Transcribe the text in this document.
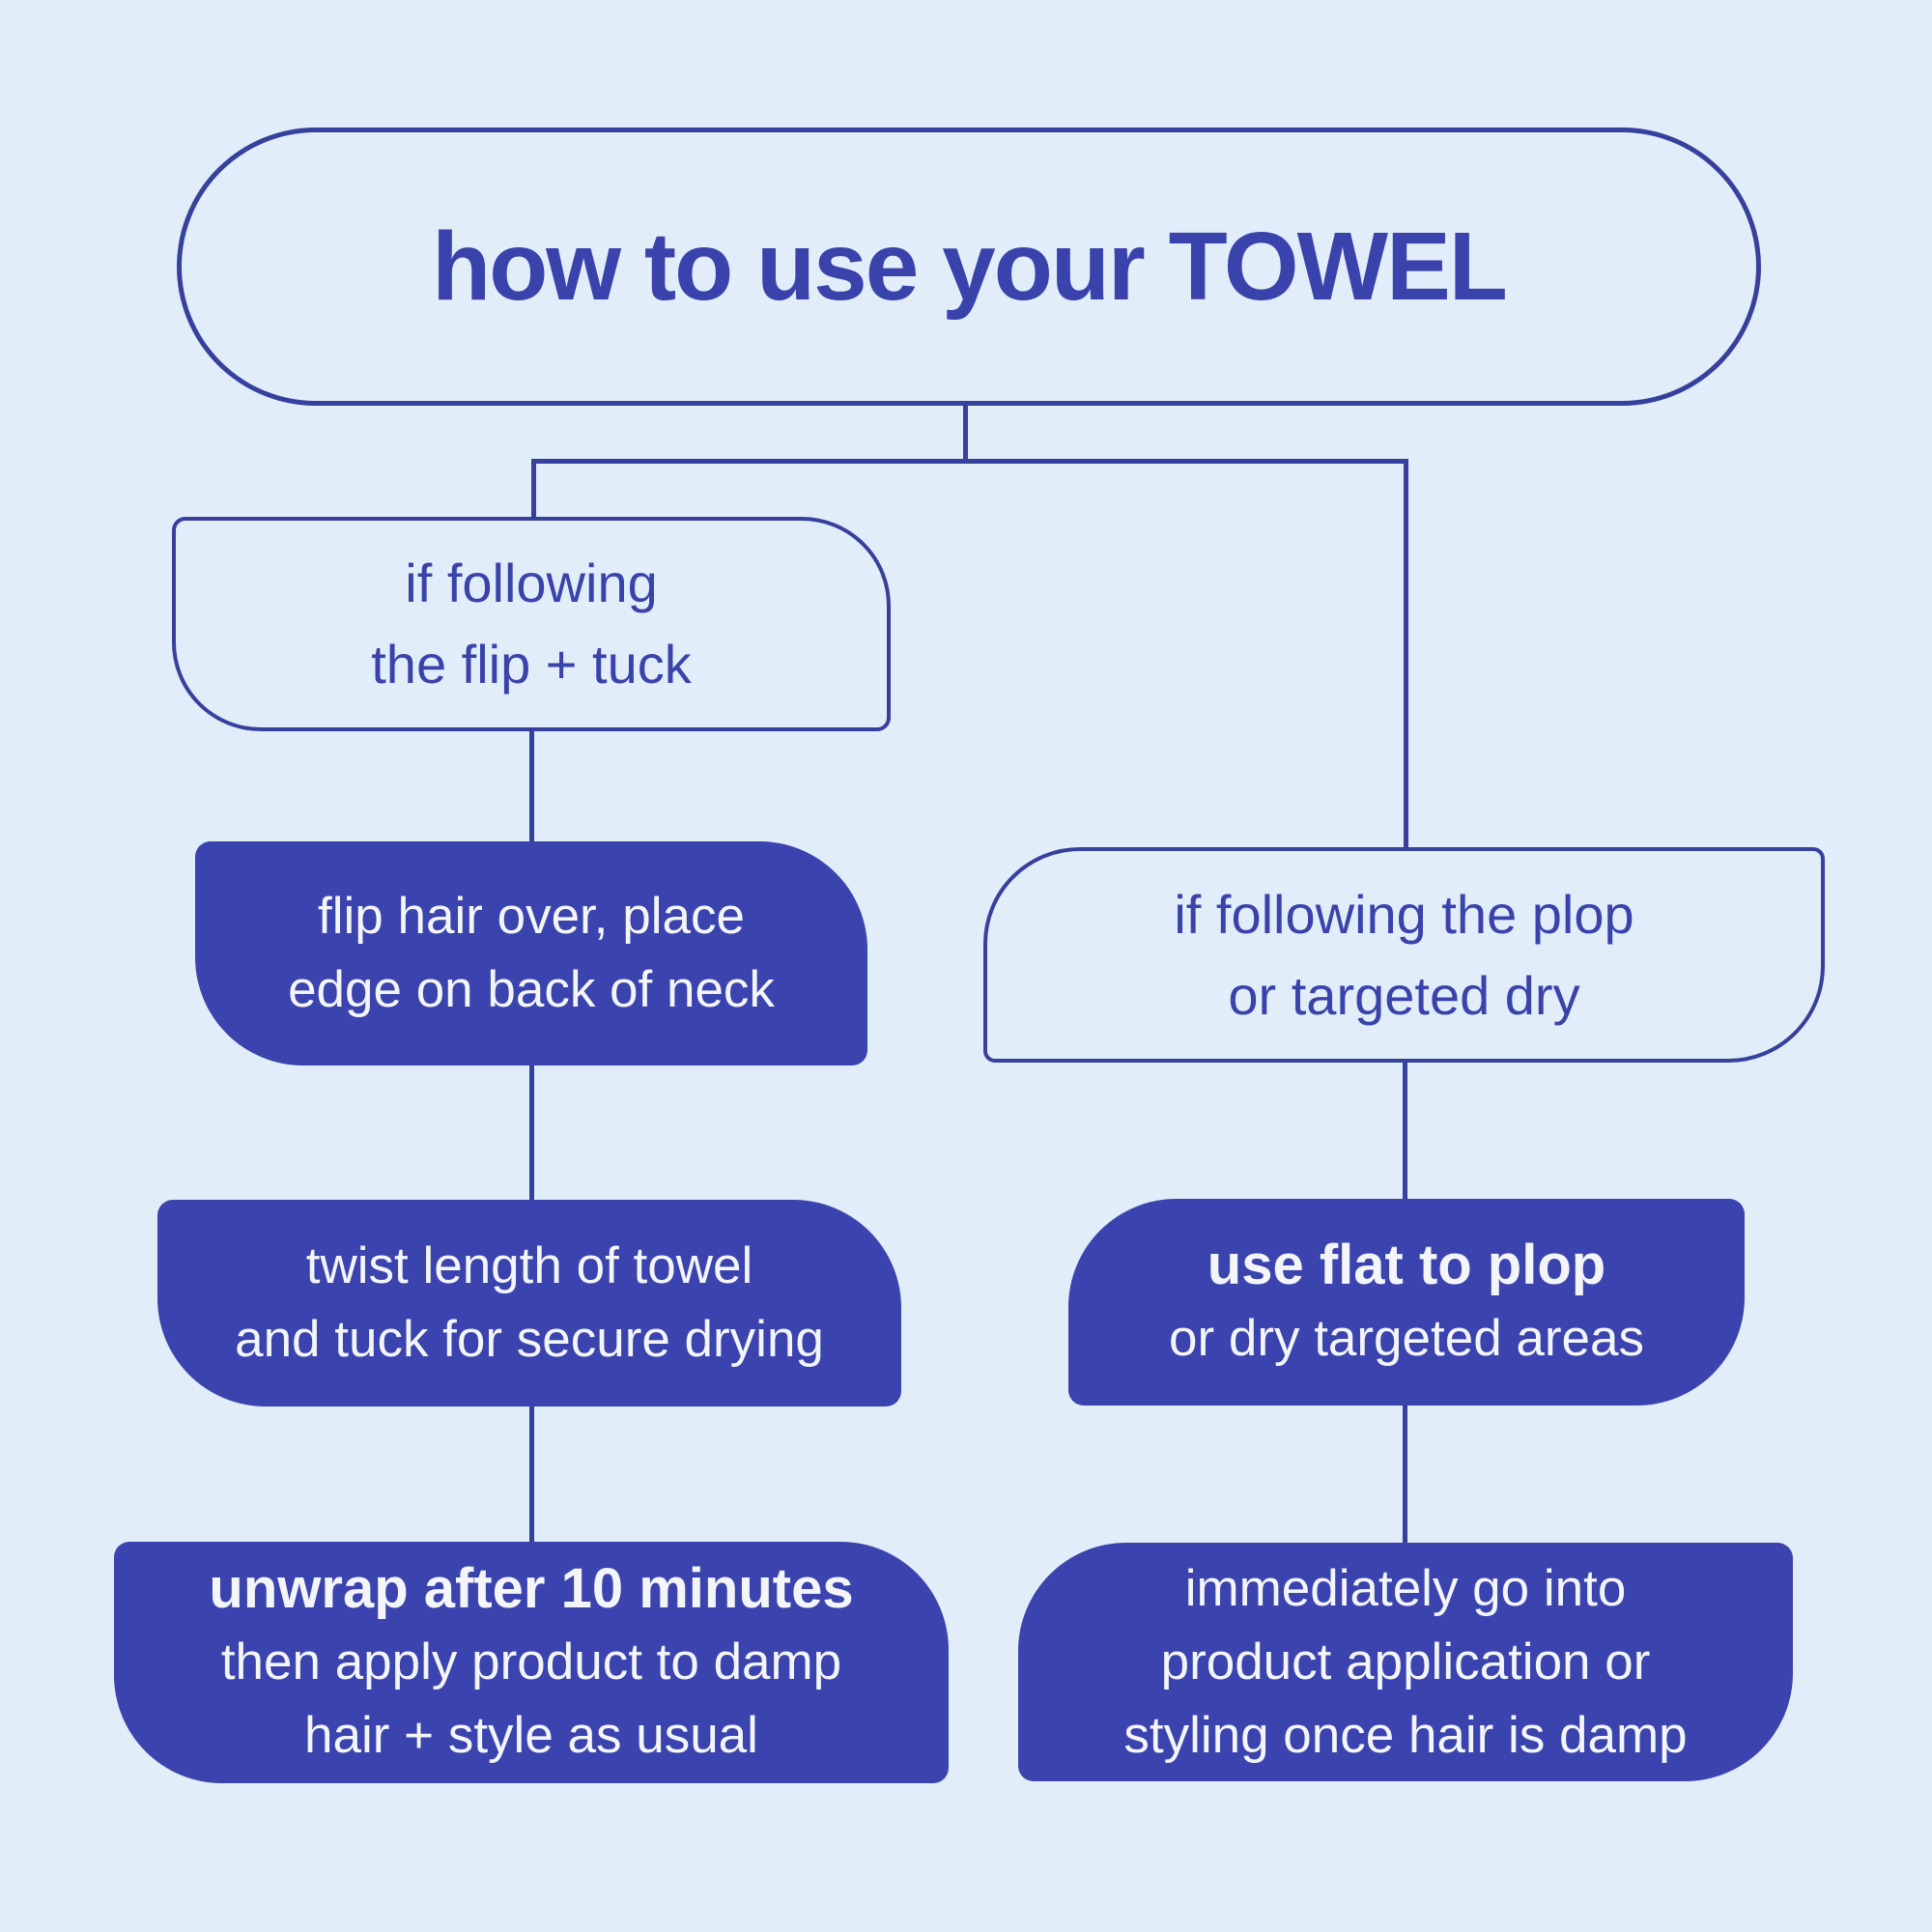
how to use your TOWEL
if following
the flip + tuck
flip hair over, place
edge on back of neck
twist length of towel
and tuck for secure drying
unwrap after 10 minutes
then apply product to damp
hair + style as usual
if following the plop
or targeted dry
use flat to plop
or dry targeted areas
immediately go into
product application or
styling once hair is damp
